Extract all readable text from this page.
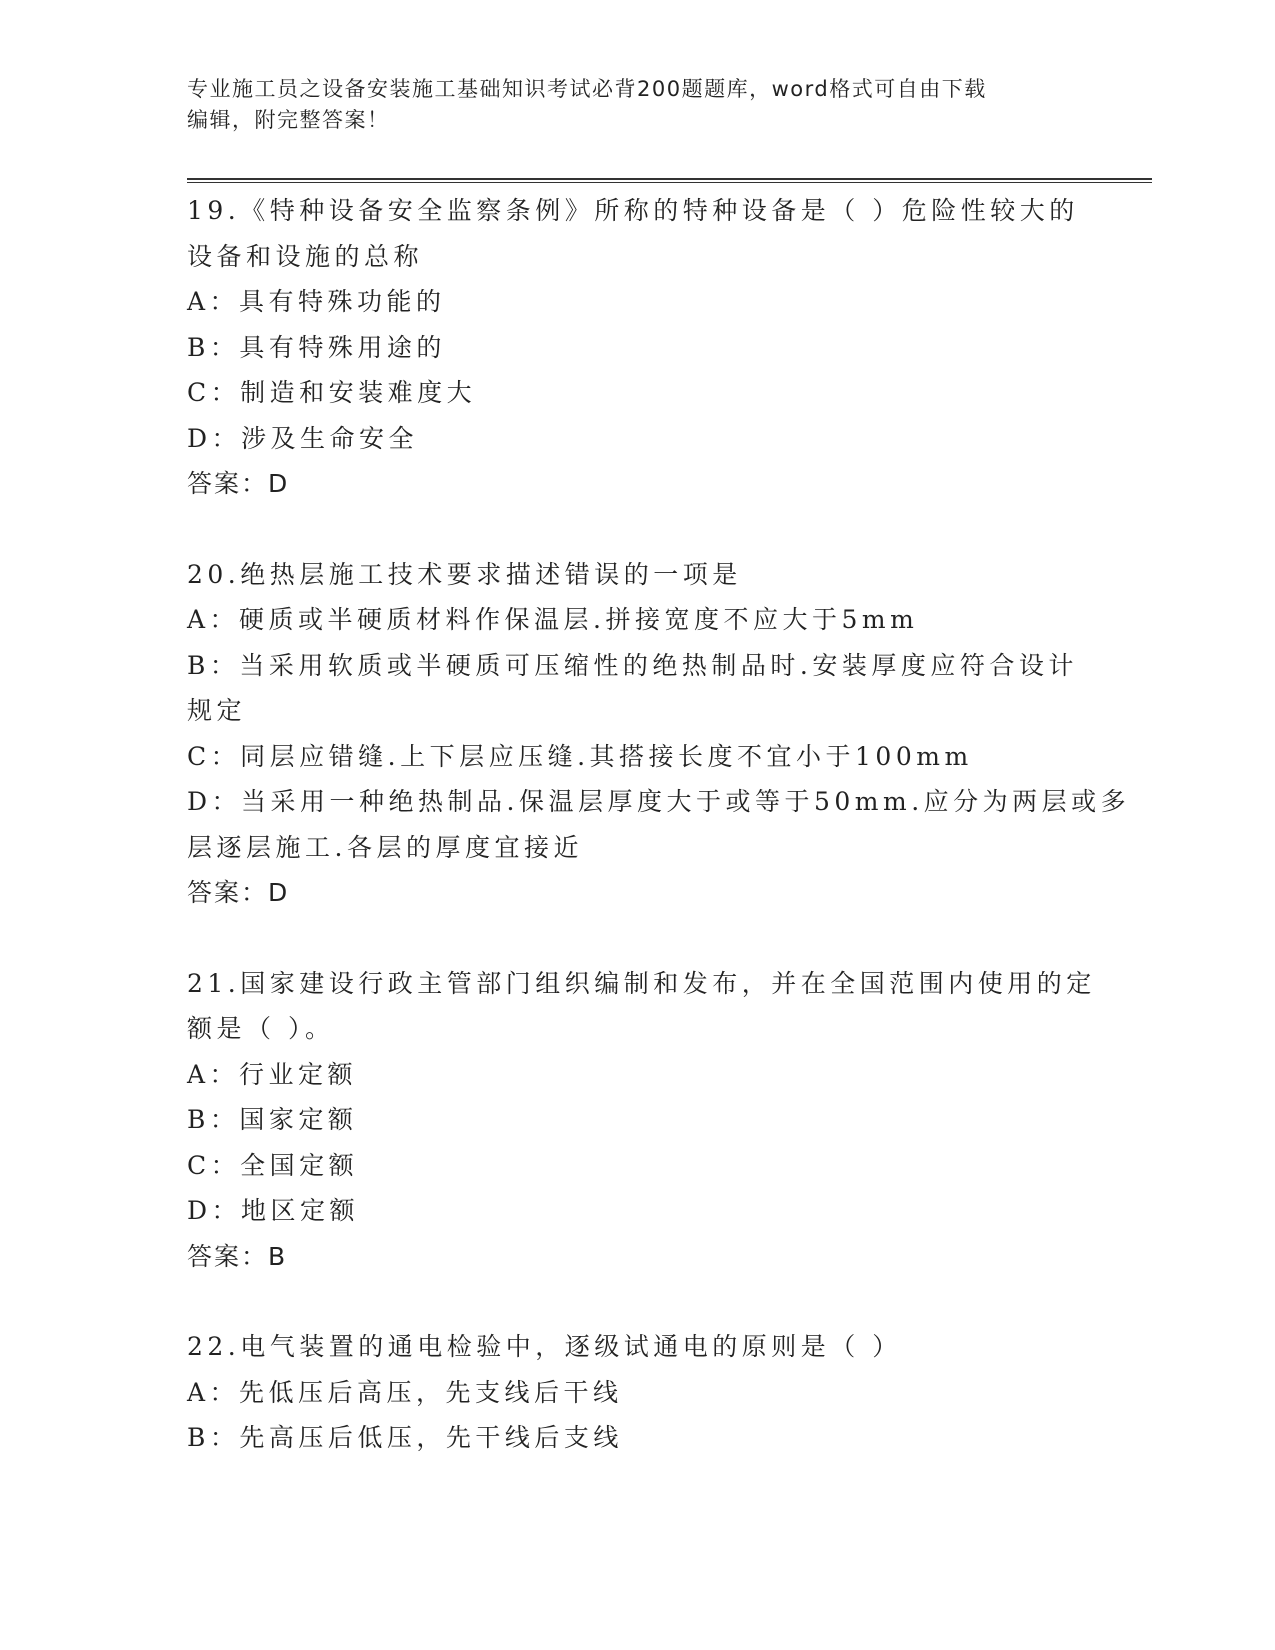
专业施工员之设备安装施工基础知识考试必背200题题库，word格式可自由下载
编辑，附完整答案！
19.《特种设备安全监察条例》所称的特种设备是（ ）危险性较大的
设备和设施的总称
A：具有特殊功能的
B：具有特殊用途的
C：制造和安装难度大
D：涉及生命安全
答案：D
20.绝热层施工技术要求描述错误的一项是
A：硬质或半硬质材料作保温层.拼接宽度不应大于5mm
B：当采用软质或半硬质可压缩性的绝热制品时.安装厚度应符合设计
规定
C：同层应错缝.上下层应压缝.其搭接长度不宜小于100mm
D：当采用一种绝热制品.保温层厚度大于或等于50mm.应分为两层或多
层逐层施工.各层的厚度宜接近
答案：D
21.国家建设行政主管部门组织编制和发布，并在全国范围内使用的定
额是（ ）。
A：行业定额
B：国家定额
C：全国定额
D：地区定额
答案：B
22.电气装置的通电检验中，逐级试通电的原则是（ ）
A：先低压后高压，先支线后干线
B：先高压后低压，先干线后支线
